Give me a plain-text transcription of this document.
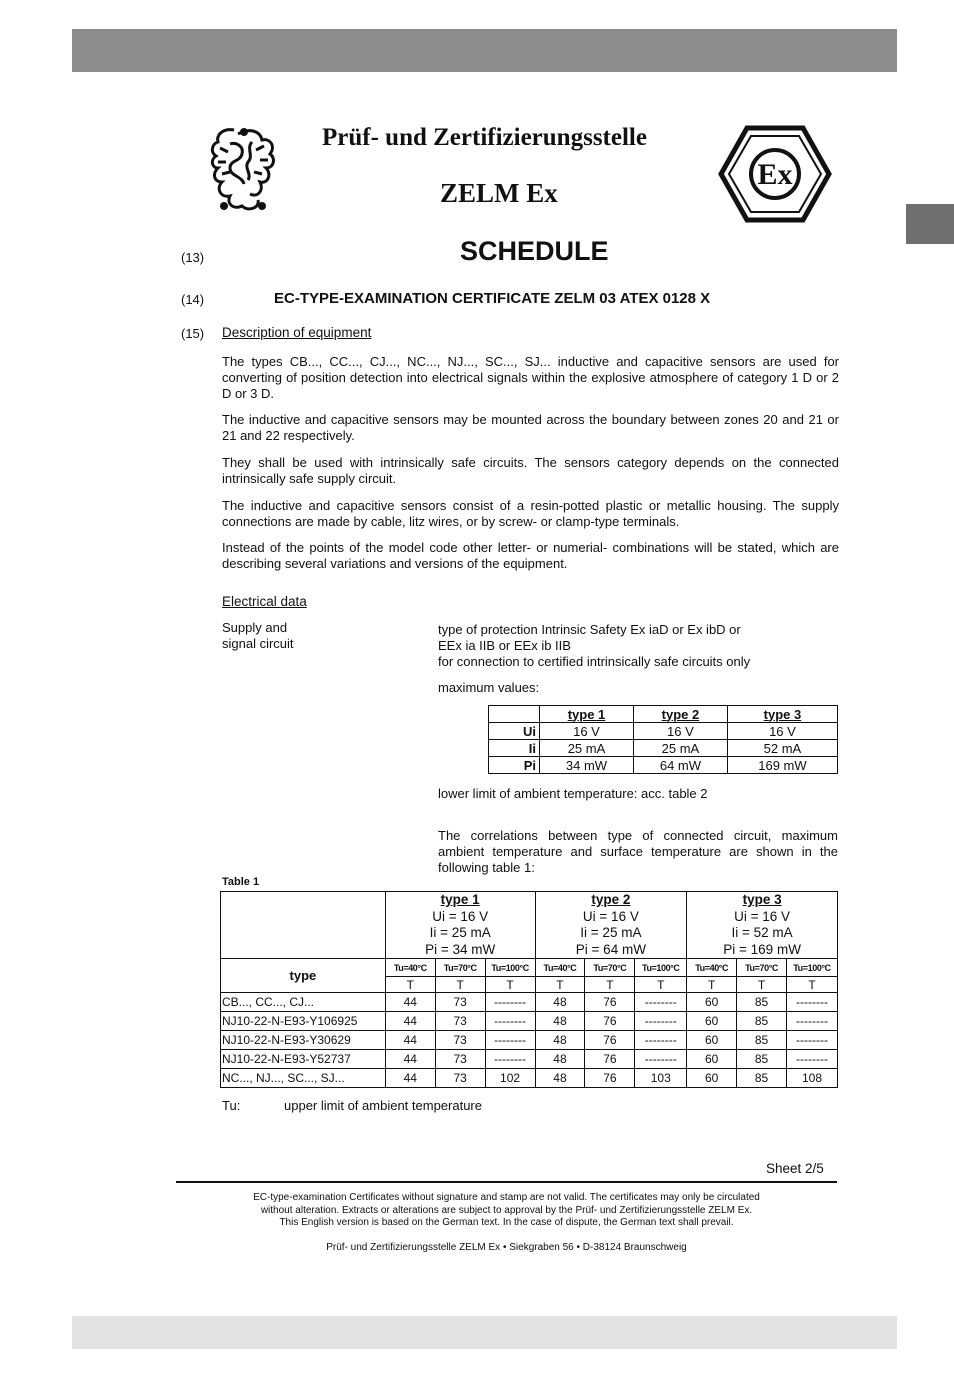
Ex
Prüf- und Zertifizierungsstelle
ZELM Ex
(13)	SCHEDULE
(14)	EC-TYPE-EXAMINATION CERTIFICATE ZELM 03 ATEX 0128 X
(15) Description of equipment
The types CB..., CC..., CJ..., NC..., NJ..., SC..., SJ... inductive and capacitive sensors are used for converting of position detection into electrical signals within the explosive atmosphere of category 1 D or 2 D or 3 D.
The inductive and capacitive sensors may be mounted across the boundary between zones 20 and 21 or 21 and 22 respectively.
They shall be used with intrinsically safe circuits. The sensors category depends on the connected intrinsically safe supply circuit.
The inductive and capacitive sensors consist of a resin-potted plastic or metallic housing. The supply connections are made by cable, litz wires, or by screw- or clamp-type terminals.
Instead of the points of the model code other letter- or numerial- combinations will be stated, which are describing several variations and versions of the equipment.
Electrical data
Supply and
signal circuit
type of protection Intrinsic Safety Ex iaD or Ex ibD or
EEx ia IIB or EEx ib IIB
for connection to certified intrinsically safe circuits only
maximum values:
	type 1	type 2	type 3
Ui	16 V	16 V	16 V
Ii	25 mA	25 mA	52 mA
Pi	34 mW	64 mW	169 mW
lower limit of ambient temperature: acc. table 2
The correlations between type of connected circuit, maximum ambient temperature and surface temperature are shown in the following table 1:
Table 1
	type 1
Ui = 16 V
Ii = 25 mA
Pi = 34 mW			type 2
Ui = 16 V
Ii = 25 mA
Pi = 64 mW			type 3
Ui = 16 V
Ii = 52 mA
Pi = 169 mW		
type	Tu=40°C	Tu=70°C	Tu=100°C	Tu=40°C	Tu=70°C	Tu=100°C	Tu=40°C	Tu=70°C	Tu=100°C
	T	T	T	T	T	T	T	T	T
CB..., CC..., CJ...	44	73	--------	48	76	--------	60	85	--------
NJ10-22-N-E93-Y106925	44	73	--------	48	76	--------	60	85	--------
NJ10-22-N-E93-Y30629	44	73	--------	48	76	--------	60	85	--------
NJ10-22-N-E93-Y52737	44	73	--------	48	76	--------	60	85	--------
NC..., NJ..., SC..., SJ...	44	73	102	48	76	103	60	85	108
Tu:	upper limit of ambient temperature
Sheet 2/5
EC-type-examination Certificates without signature and stamp are not valid. The certificates may only be circulated
without alteration. Extracts or alterations are subject to approval by the Prüf- und Zertifizierungsstelle ZELM Ex.
This English version is based on the German text. In the case of dispute, the German text shall prevail.
Prüf- und Zertifizierungsstelle ZELM Ex • Siekgraben 56 • D-38124 Braunschweig
